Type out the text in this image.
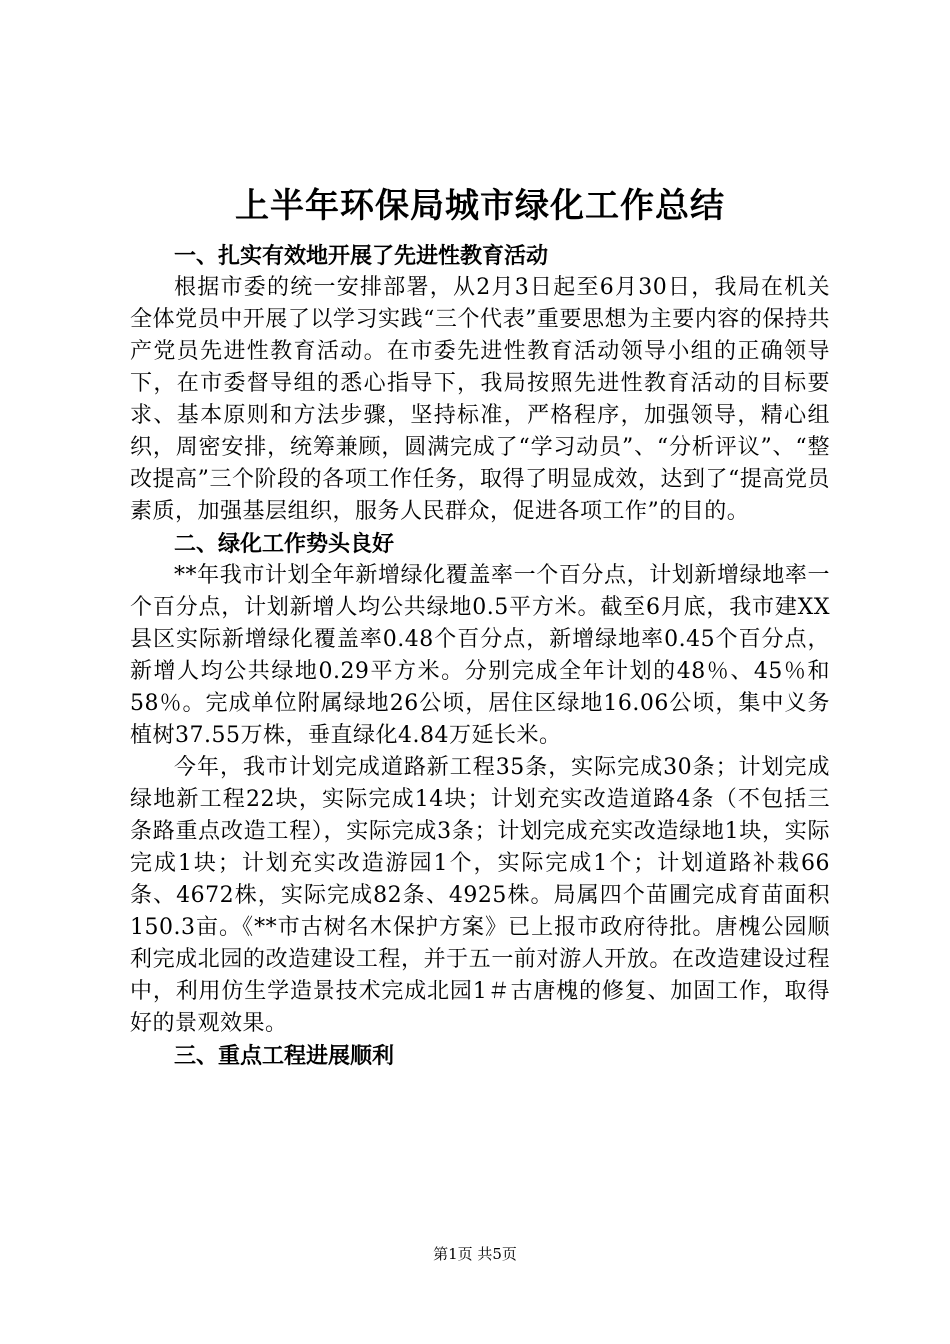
上半年环保局城市绿化工作总结
一、扎实有效地开展了先进性教育活动

根据市委的统一安排部署，从2月3日起至6月30日，我局在机关全体党员中开展了以学习实践“三个代表”重要思想为主要内容的保持共产党员先进性教育活动。在市委先进性教育活动领导小组的正确领导下，在市委督导组的悉心指导下，我局按照先进性教育活动的目标要求、基本原则和方法步骤，坚持标准，严格程序，加强领导，精心组织，周密安排，统筹兼顾，圆满完成了“学习动员”、“分析评议”、“整改提高”三个阶段的各项工作任务，取得了明显成效，达到了“提高党员素质，加强基层组织，服务人民群众，促进各项工作”的目的。

二、绿化工作势头良好

**年我市计划全年新增绿化覆盖率一个百分点，计划新增绿地率一个百分点，计划新增人均公共绿地0.5平方米。截至6月底，我市建XX县区实际新增绿化覆盖率0.48个百分点，新增绿地率0.45个百分点，新增人均公共绿地0.29平方米。分别完成全年计划的48％、45％和58％。完成单位附属绿地26公顷，居住区绿地16.06公顷，集中义务植树37.55万株，垂直绿化4.84万延长米。

今年，我市计划完成道路新工程35条，实际完成30条；计划完成绿地新工程22块，实际完成14块；计划充实改造道路4条（不包括三条路重点改造工程），实际完成3条；计划完成充实改造绿地1块，实际完成1块；计划充实改造游园1个，实际完成1个；计划道路补栽66条、4672株，实际完成82条、4925株。局属四个苗圃完成育苗面积150.3亩。《**市古树名木保护方案》已上报市政府待批。唐槐公园顺利完成北园的改造建设工程，并于五一前对游人开放。在改造建设过程中，利用仿生学造景技术完成北园1＃古唐槐的修复、加固工作，取得好的景观效果。

三、重点工程进展顺利
第1页 共5页
